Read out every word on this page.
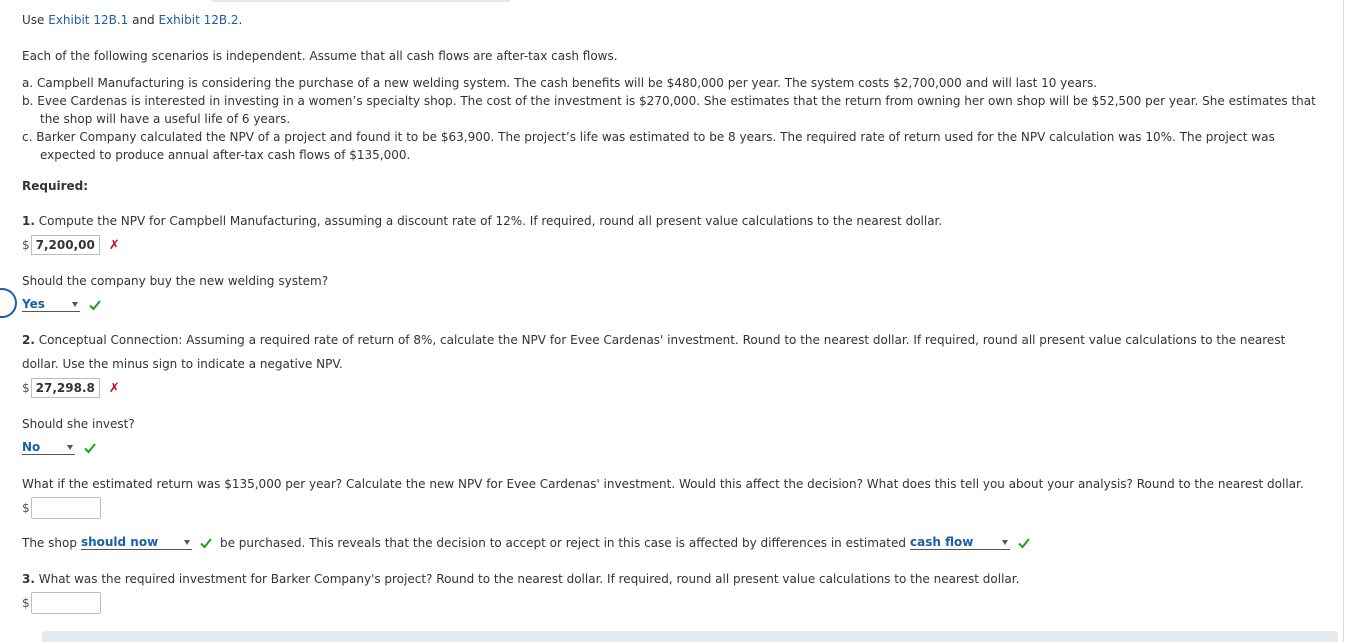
Use Exhibit 12B.1 and Exhibit 12B.2.
Each of the following scenarios is independent. Assume that all cash flows are after-tax cash flows.
a. Campbell Manufacturing is considering the purchase of a new welding system. The cash benefits will be $480,000 per year. The system costs $2,700,000 and will last 10 years.
b. Evee Cardenas is interested in investing in a women’s specialty shop. The cost of the investment is $270,000. She estimates that the return from owning her own shop will be $52,500 per year. She estimates that
the shop will have a useful life of 6 years.
c. Barker Company calculated the NPV of a project and found it to be $63,900. The project’s life was estimated to be 8 years. The required rate of return used for the NPV calculation was 10%. The project was
expected to produce annual after-tax cash flows of $135,000.
Required:
1. Compute the NPV for Campbell Manufacturing, assuming a discount rate of 12%. If required, round all present value calculations to the nearest dollar.
$ 7,200,00	✗
Should the company buy the new welding system?
Yes
2. Conceptual Connection: Assuming a required rate of return of 8%, calculate the NPV for Evee Cardenas' investment. Round to the nearest dollar. If required, round all present value calculations to the nearest
dollar. Use the minus sign to indicate a negative NPV.
$ 27,298.8	✗
Should she invest?
No
What if the estimated return was $135,000 per year? Calculate the new NPV for Evee Cardenas' investment. Would this affect the decision? What does this tell you about your analysis? Round to the nearest dollar.
$
The shop should now	be purchased. This reveals that the decision to accept or reject in this case is affected by differences in estimated cash flow
3. What was the required investment for Barker Company's project? Round to the nearest dollar. If required, round all present value calculations to the nearest dollar.
$
